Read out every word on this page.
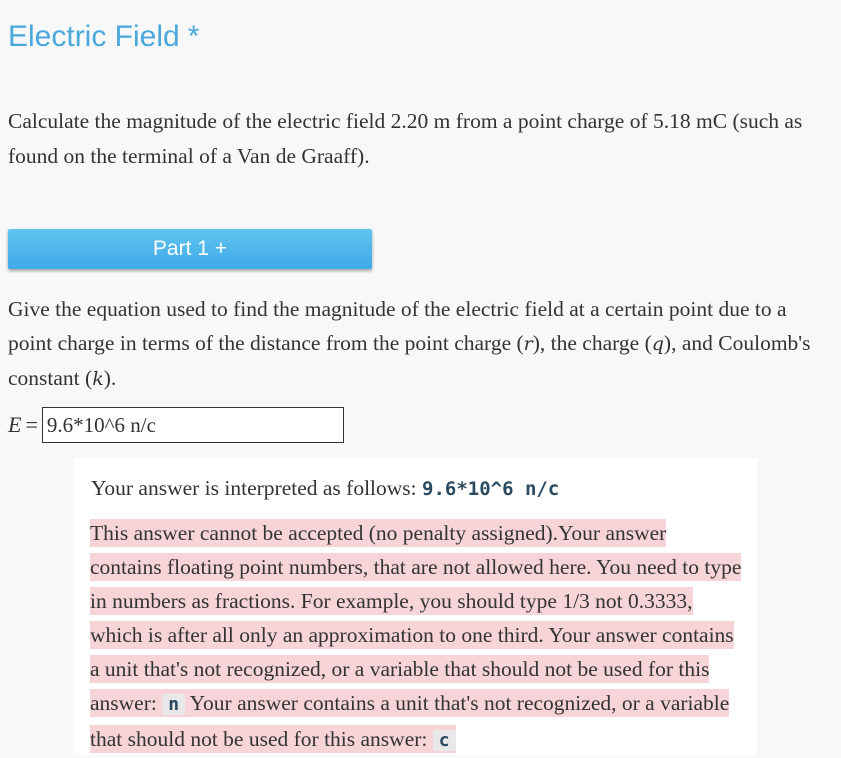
Electric Field *
Calculate the magnitude of the electric field 2.20 m from a point charge of 5.18 mC (such as found on the terminal of a Van de Graaff).
Part 1 +
Give the equation used to find the magnitude of the electric field at a certain point due to a point charge in terms of the distance from the point charge (r), the charge (q), and Coulomb's constant (k).
E =
9.6*10^6 n/c
Your answer is interpreted as follows: 9.6*10^6 n/c
This answer cannot be accepted (no penalty assigned).Your answer contains floating point numbers, that are not allowed here. You need to type in numbers as fractions. For example, you should type 1/3 not 0.3333, which is after all only an approximation to one third. Your answer contains a unit that's not recognized, or a variable that should not be used for this answer: n Your answer contains a unit that's not recognized, or a variable that should not be used for this answer: c
